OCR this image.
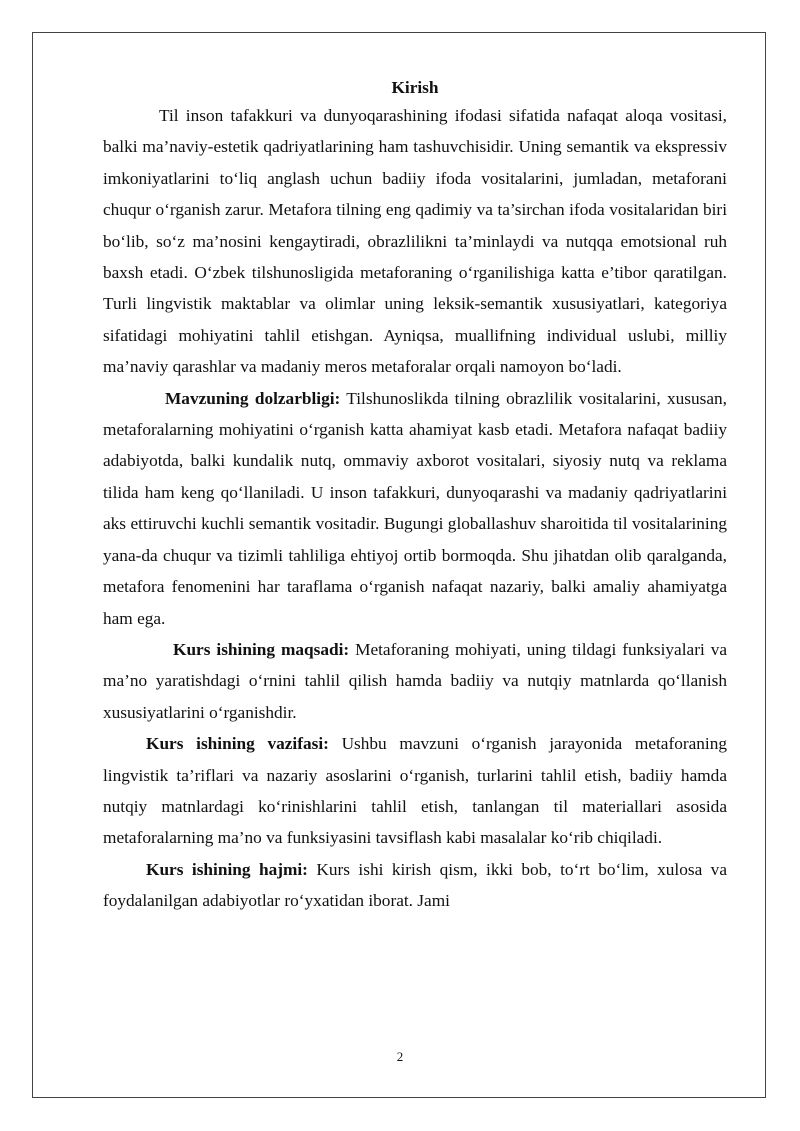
Kirish

Til inson tafakkuri va dunyoqarashining ifodasi sifatida nafaqat aloqa vositasi, balki ma’naviy-estetik qadriyatlarining ham tashuvchisidir. Uning semantik va ekspressiv imkoniyatlarini to‘liq anglash uchun badiiy ifoda vositalarini, jumladan, metaforani chuqur o‘rganish zarur. Metafora tilning eng qadimiy va ta’sirchan ifoda vositalaridan biri bo‘lib, so‘z ma’nosini kengaytiradi, obrazlilikni ta’minlaydi va nutqqa emotsional ruh baxsh etadi. O‘zbek tilshunosligida metaforaning o‘rganilishiga katta e’tibor qaratilgan. Turli lingvistik maktablar va olimlar uning leksik-semantik xususiyatlari, kategoriya sifatidagi mohiyatini tahlil etishgan. Ayniqsa, muallifning individual uslubi, milliy ma’naviy qarashlar va madaniy meros metaforalar orqali namoyon bo‘ladi.

Mavzuning dolzarbligi: Tilshunoslikda tilning obrazlilik vositalarini, xususan, metaforalarning mohiyatini o‘rganish katta ahamiyat kasb etadi. Metafora nafaqat badiiy adabiyotda, balki kundalik nutq, ommaviy axborot vositalari, siyosiy nutq va reklama tilida ham keng qo‘llaniladi. U inson tafakkuri, dunyoqarashi va madaniy qadriyatlarini aks ettiruvchi kuchli semantik vositadir. Bugungi globallashuv sharoitida til vositalarining yana-da chuqur va tizimli tahliliga ehtiyoj ortib bormoqda. Shu jihatdan olib qaralganda, metafora fenomenini har taraflama o‘rganish nafaqat nazariy, balki amaliy ahamiyatga ham ega.

Kurs ishining maqsadi: Metaforaning mohiyati, uning tildagi funksiyalari va ma’no yaratishdagi o‘rnini tahlil qilish hamda badiiy va nutqiy matnlarda qo‘llanish xususiyatlarini o‘rganishdir.

Kurs ishining vazifasi: Ushbu mavzuni o‘rganish jarayonida metaforaning lingvistik ta’riflari va nazariy asoslarini o‘rganish, turlarini tahlil etish, badiiy hamda nutqiy matnlardagi ko‘rinishlarini tahlil etish, tanlangan til materiallari asosida metaforalarning ma’no va funksiyasini tavsiflash kabi masalalar ko‘rib chiqiladi.

Kurs ishining hajmi: Kurs ishi kirish qism, ikki bob, to‘rt bo‘lim, xulosa va foydalanilgan adabiyotlar ro‘yxatidan iborat. Jami

2
